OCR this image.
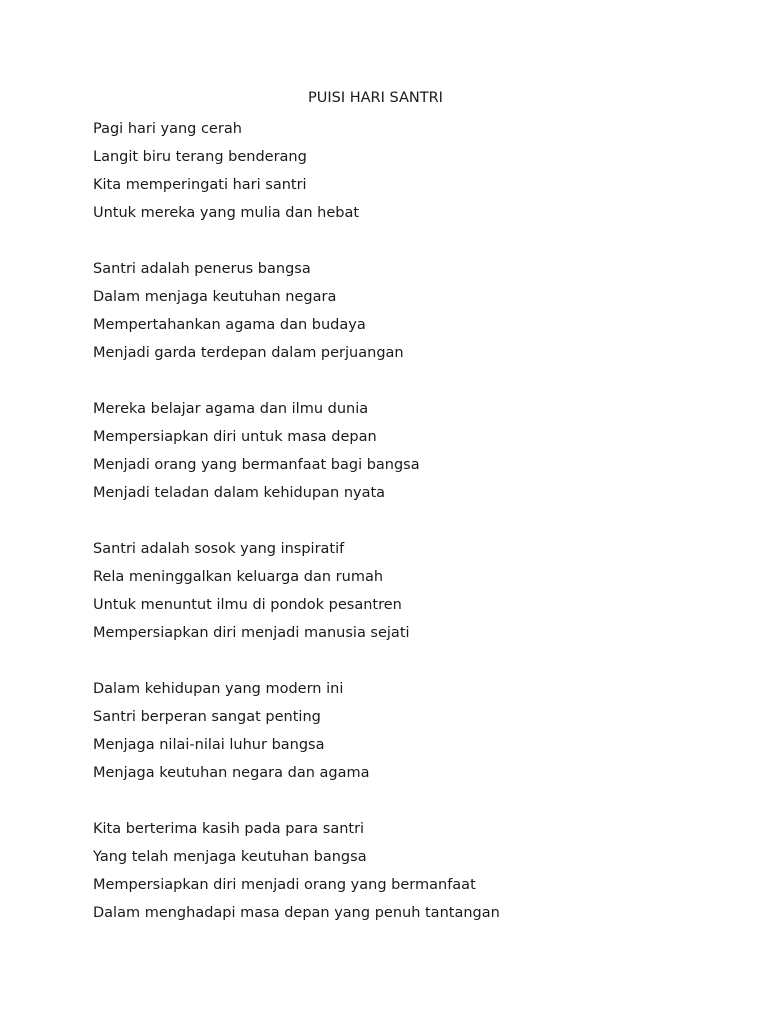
PUISI HARI SANTRI
Pagi hari yang cerah
Langit biru terang benderang
Kita memperingati hari santri
Untuk mereka yang mulia dan hebat
Santri adalah penerus bangsa
Dalam menjaga keutuhan negara
Mempertahankan agama dan budaya
Menjadi garda terdepan dalam perjuangan
Mereka belajar agama dan ilmu dunia
Mempersiapkan diri untuk masa depan
Menjadi orang yang bermanfaat bagi bangsa
Menjadi teladan dalam kehidupan nyata
Santri adalah sosok yang inspiratif
Rela meninggalkan keluarga dan rumah
Untuk menuntut ilmu di pondok pesantren
Mempersiapkan diri menjadi manusia sejati
Dalam kehidupan yang modern ini
Santri berperan sangat penting
Menjaga nilai-nilai luhur bangsa
Menjaga keutuhan negara dan agama
Kita berterima kasih pada para santri
Yang telah menjaga keutuhan bangsa
Mempersiapkan diri menjadi orang yang bermanfaat
Dalam menghadapi masa depan yang penuh tantangan
